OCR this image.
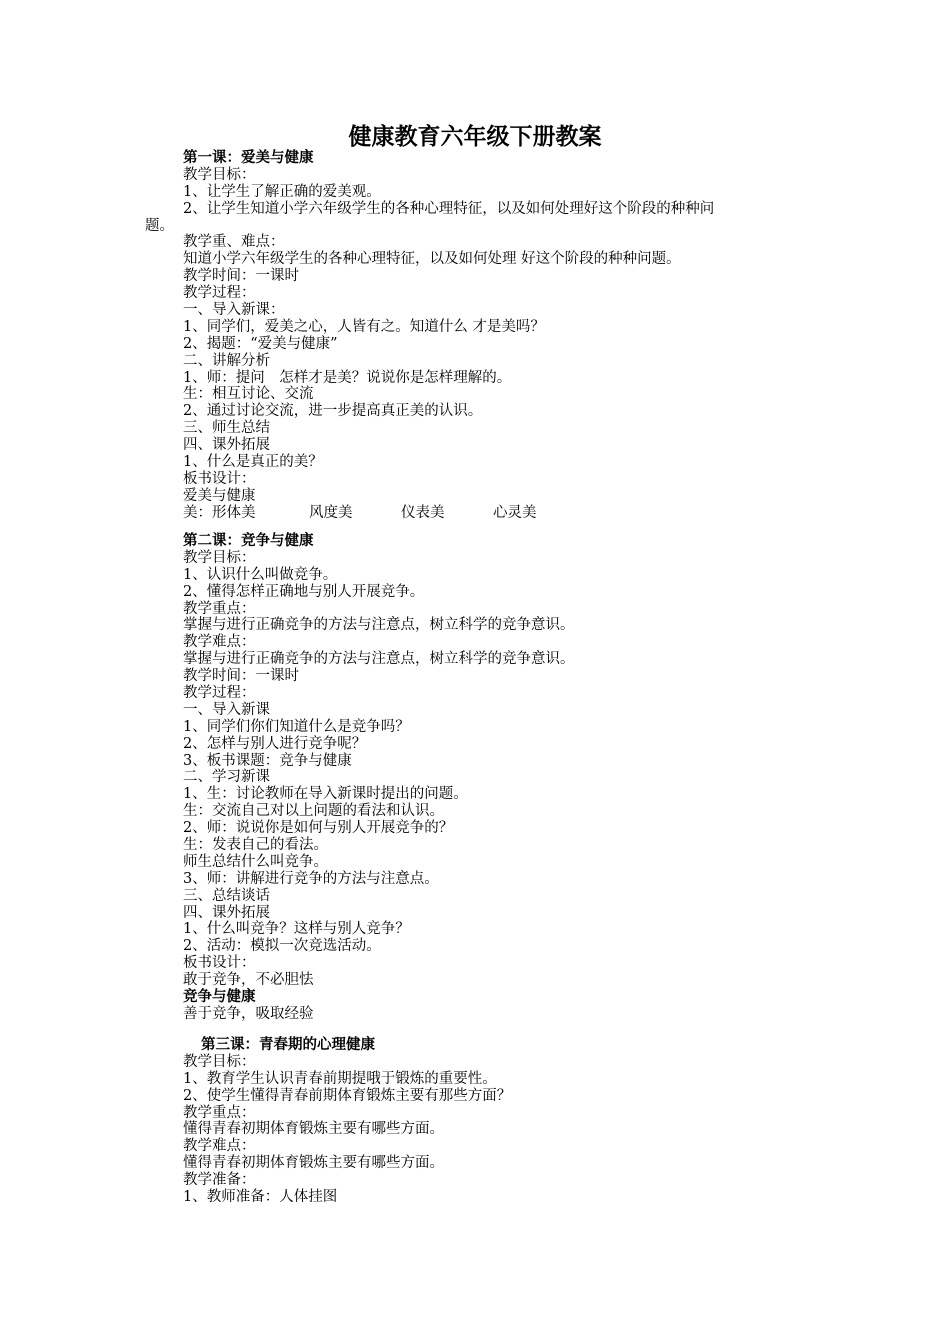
健康教育六年级下册教案
第一课：爱美与健康
教学目标：
1、让学生了解正确的爱美观。
2、让学生知道小学六年级学生的各种心理特征，以及如何处理好这个阶段的种种问
题。
教学重、难点：
知道小学六年级学生的各种心理特征，以及如何处理 好这个阶段的种种问题。
教学时间：一课时
教学过程：
一、导入新课：
1、同学们，爱美之心，人皆有之。知道什么 才是美吗？
2、揭题：“爱美与健康”
二、讲解分析
1、师：提问　怎样才是美？说说你是怎样理解的。
生：相互讨论、交流
2、通过讨论交流，进一步提高真正美的认识。
三、师生总结
四、课外拓展
1、什么是真正的美？
板书设计：
爱美与健康
美：形体美	风度美	仪表美	心灵美
第二课：竞争与健康
教学目标：
1、认识什么叫做竞争。
2、懂得怎样正确地与别人开展竞争。
教学重点：
掌握与进行正确竞争的方法与注意点，树立科学的竞争意识。
教学难点：
掌握与进行正确竞争的方法与注意点，树立科学的竞争意识。
教学时间：一课时
教学过程：
一、导入新课
1、同学们你们知道什么是竞争吗？
2、怎样与别人进行竞争呢？
3、板书课题：竞争与健康
二、学习新课
1、生：讨论教师在导入新课时提出的问题。
生：交流自己对以上问题的看法和认识。
2、师：说说你是如何与别人开展竞争的？
生：发表自己的看法。
师生总结什么叫竞争。
3、师：讲解进行竞争的方法与注意点。
三、总结谈话
四、课外拓展
1、什么叫竞争？这样与别人竞争？
2、活动：模拟一次竞选活动。
板书设计：
敢于竞争，不必胆怯
竞争与健康
善于竞争，吸取经验
第三课：青春期的心理健康
教学目标：
1、教育学生认识青春前期提哦于锻炼的重要性。
2、使学生懂得青春前期体育锻炼主要有那些方面？
教学重点：
懂得青春初期体育锻炼主要有哪些方面。
教学难点：
懂得青春初期体育锻炼主要有哪些方面。
教学准备：
1、教师准备：人体挂图
